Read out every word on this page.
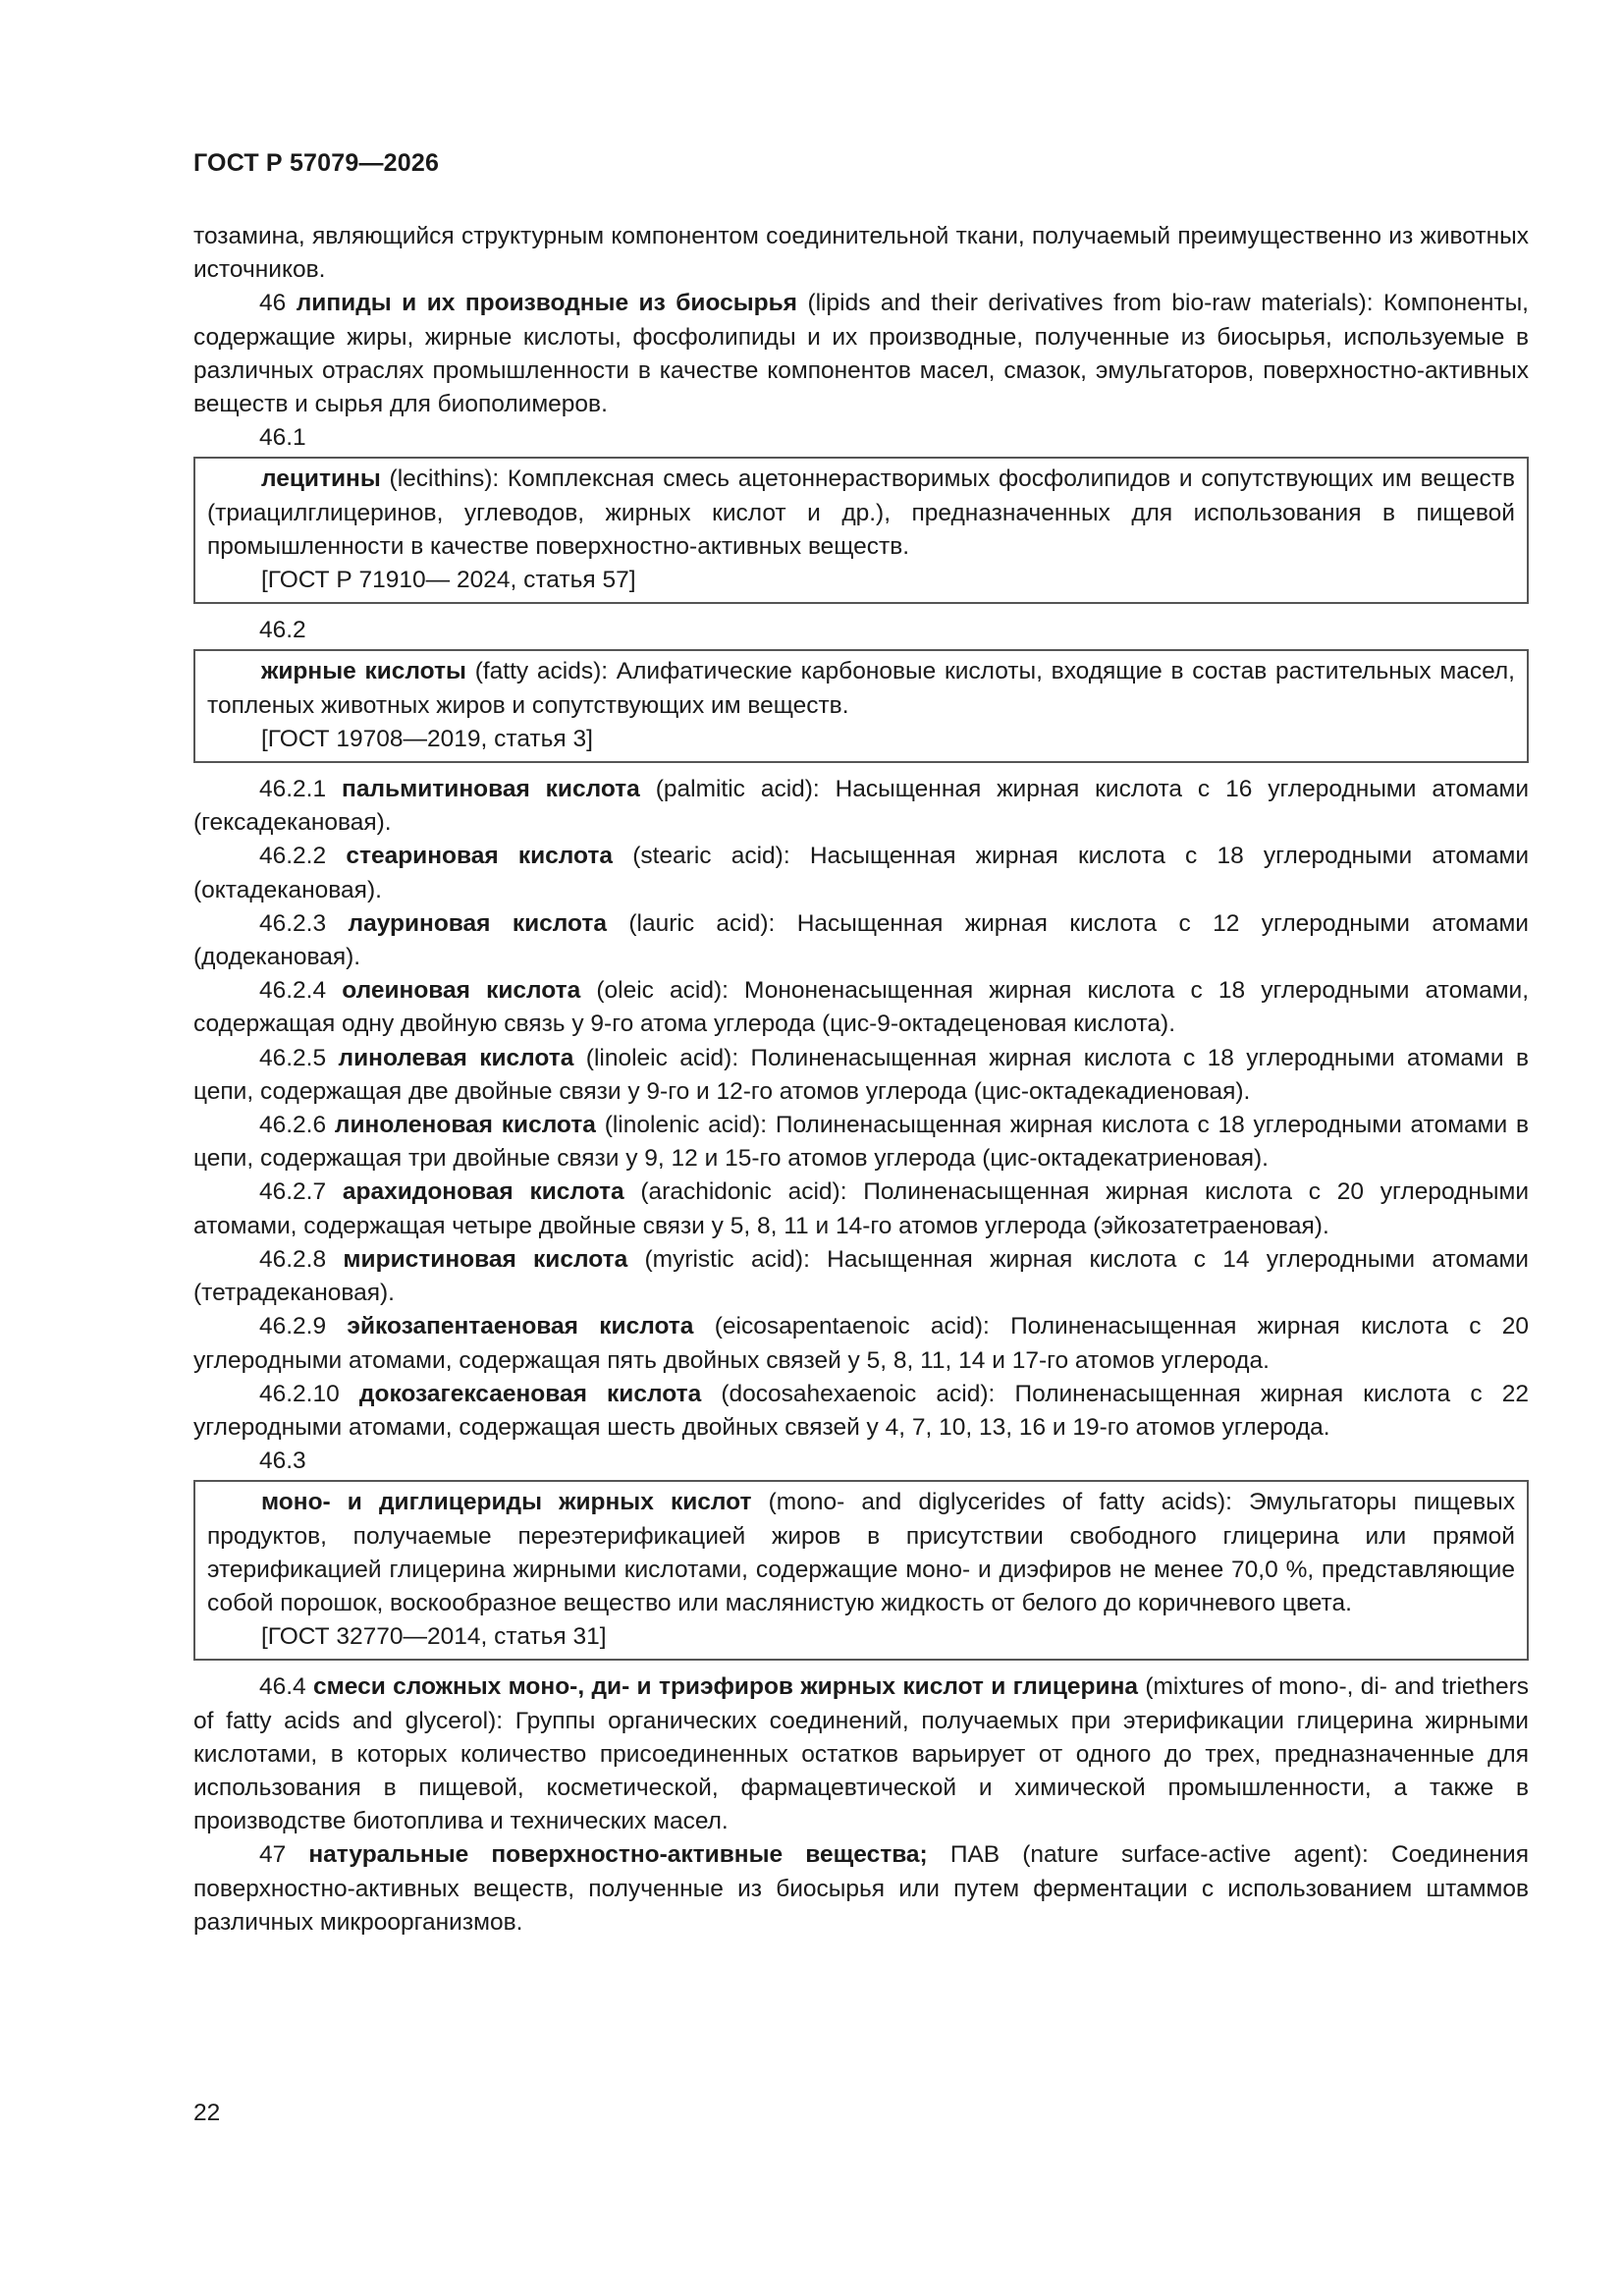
ГОСТ Р 57079—2026

тозамина, являющийся структурным компонентом соединительной ткани, получаемый преимущественно из животных источников.

46 липиды и их производные из биосырья (lipids and their derivatives from bio-raw materials): Компоненты, содержащие жиры, жирные кислоты, фосфолипиды и их производные, полученные из биосырья, используемые в различных отраслях промышленности в качестве компонентов масел, смазок, эмульгаторов, поверхностно-активных веществ и сырья для биополимеров.

46.1

лецитины (lecithins): Комплексная смесь ацетоннерастворимых фосфолипидов и сопутствующих им веществ (триацилглицеринов, углеводов, жирных кислот и др.), предназначенных для использования в пищевой промышленности в качестве поверхностно-активных веществ.

[ГОСТ Р 71910— 2024, статья 57]

46.2

жирные кислоты (fatty acids): Алифатические карбоновые кислоты, входящие в состав растительных масел, топленых животных жиров и сопутствующих им веществ.

[ГОСТ 19708—2019, статья 3]

46.2.1 пальмитиновая кислота (palmitic acid): Насыщенная жирная кислота с 16 углеродными атомами (гексадекановая).

46.2.2 стеариновая кислота (stearic acid): Насыщенная жирная кислота с 18 углеродными атомами (октадекановая).

46.2.3 лауриновая кислота (lauric acid): Насыщенная жирная кислота с 12 углеродными атомами (додекановая).

46.2.4 олеиновая кислота (oleic acid): Мононенасыщенная жирная кислота с 18 углеродными атомами, содержащая одну двойную связь у 9-го атома углерода (цис-9-октадеценовая кислота).

46.2.5 линолевая кислота (linoleic acid): Полиненасыщенная жирная кислота с 18 углеродными атомами в цепи, содержащая две двойные связи у 9-го и 12-го атомов углерода (цис-октадекадиеновая).

46.2.6 линоленовая кислота (linolenic acid): Полиненасыщенная жирная кислота с 18 углеродными атомами в цепи, содержащая три двойные связи у 9, 12 и 15-го атомов углерода (цис-октадекатриеновая).

46.2.7 арахидоновая кислота (arachidonic acid): Полиненасыщенная жирная кислота с 20 углеродными атомами, содержащая четыре двойные связи у 5, 8, 11 и 14-го атомов углерода (эйкозатетраеновая).

46.2.8 миристиновая кислота (myristic acid): Насыщенная жирная кислота с 14 углеродными атомами (тетрадекановая).

46.2.9 эйкозапентаеновая кислота (eicosapentaenoic acid): Полиненасыщенная жирная кислота с 20 углеродными атомами, содержащая пять двойных связей у 5, 8, 11, 14 и 17-го атомов углерода.

46.2.10 докозагексаеновая кислота (docosahexaenoic acid): Полиненасыщенная жирная кислота с 22 углеродными атомами, содержащая шесть двойных связей у 4, 7, 10, 13, 16 и 19-го атомов углерода.

46.3

моно- и диглицериды жирных кислот (mono- and diglycerides of fatty acids): Эмульгаторы пищевых продуктов, получаемые переэтерификацией жиров в присутствии свободного глицерина или прямой этерификацией глицерина жирными кислотами, содержащие моно- и диэфиров не менее 70,0 %, представляющие собой порошок, воскообразное вещество или маслянистую жидкость от белого до коричневого цвета.

[ГОСТ 32770—2014, статья 31]

46.4 смеси сложных моно-, ди- и триэфиров жирных кислот и глицерина (mixtures of mono-, di- and triethers of fatty acids and glycerol): Группы органических соединений, получаемых при этерификации глицерина жирными кислотами, в которых количество присоединенных остатков варьирует от одного до трех, предназначенные для использования в пищевой, косметической, фармацевтической и химической промышленности, а также в производстве биотоплива и технических масел.

47 натуральные поверхностно-активные вещества; ПАВ (nature surface-active agent): Соединения поверхностно-активных веществ, полученные из биосырья или путем ферментации с использованием штаммов различных микроорганизмов.

22
